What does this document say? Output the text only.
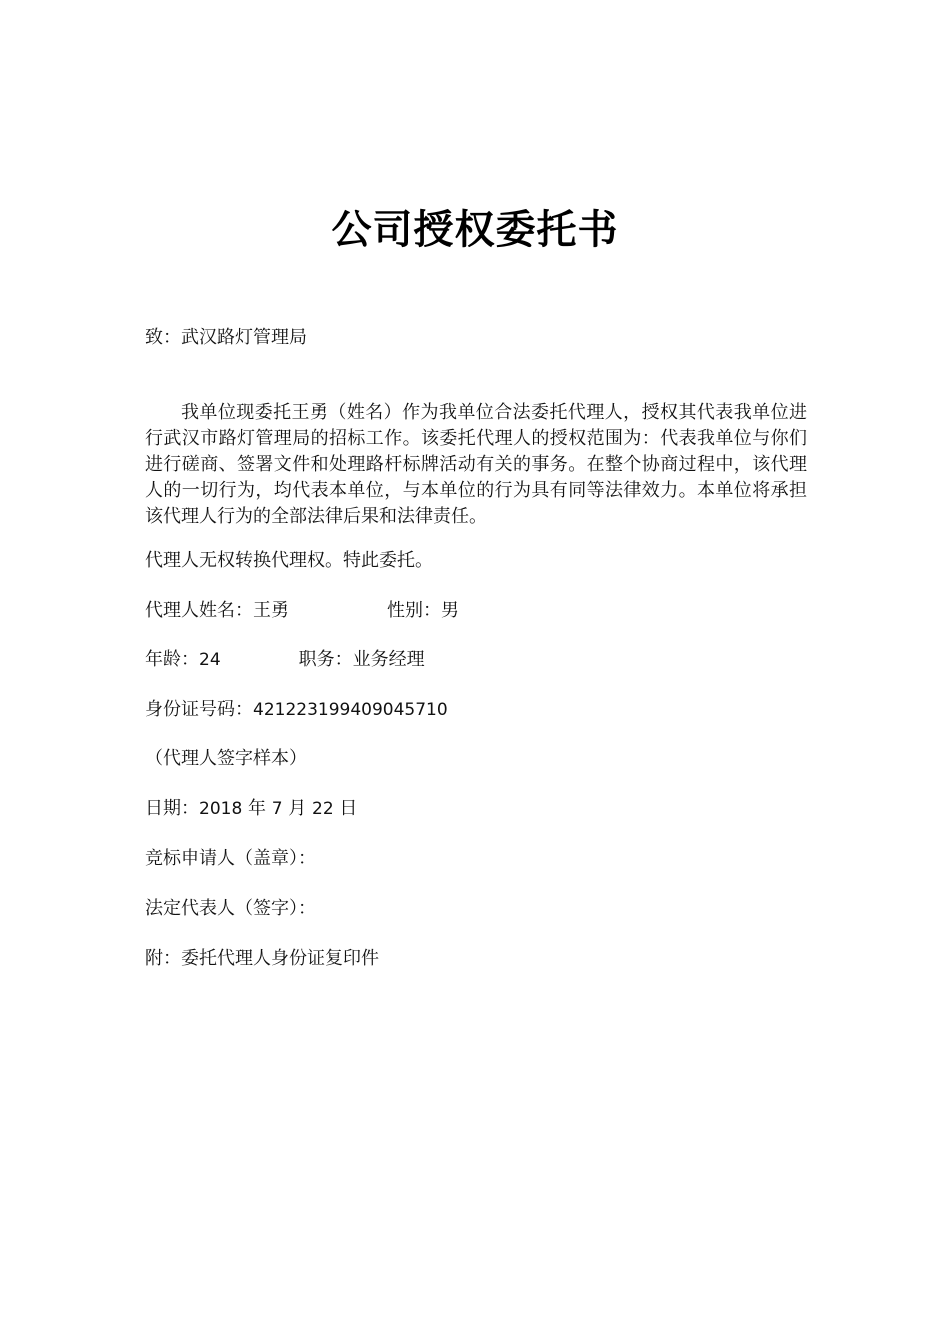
公司授权委托书
致：武汉路灯管理局
我单位现委托王勇（姓名）作为我单位合法委托代理人，授权其代表我单位进行武汉市路灯管理局的招标工作。该委托代理人的授权范围为：代表我单位与你们进行磋商、签署文件和处理路杆标牌活动有关的事务。在整个协商过程中，该代理人的一切行为，均代表本单位，与本单位的行为具有同等法律效力。本单位将承担该代理人行为的全部法律后果和法律责任。
代理人无权转换代理权。特此委托。
代理人姓名：王勇	性别：男
年龄：24	职务：业务经理
身份证号码：421223199409045710
（代理人签字样本）
日期：2018 年 7 月 22 日
竞标申请人（盖章）：
法定代表人（签字）：
附：委托代理人身份证复印件
